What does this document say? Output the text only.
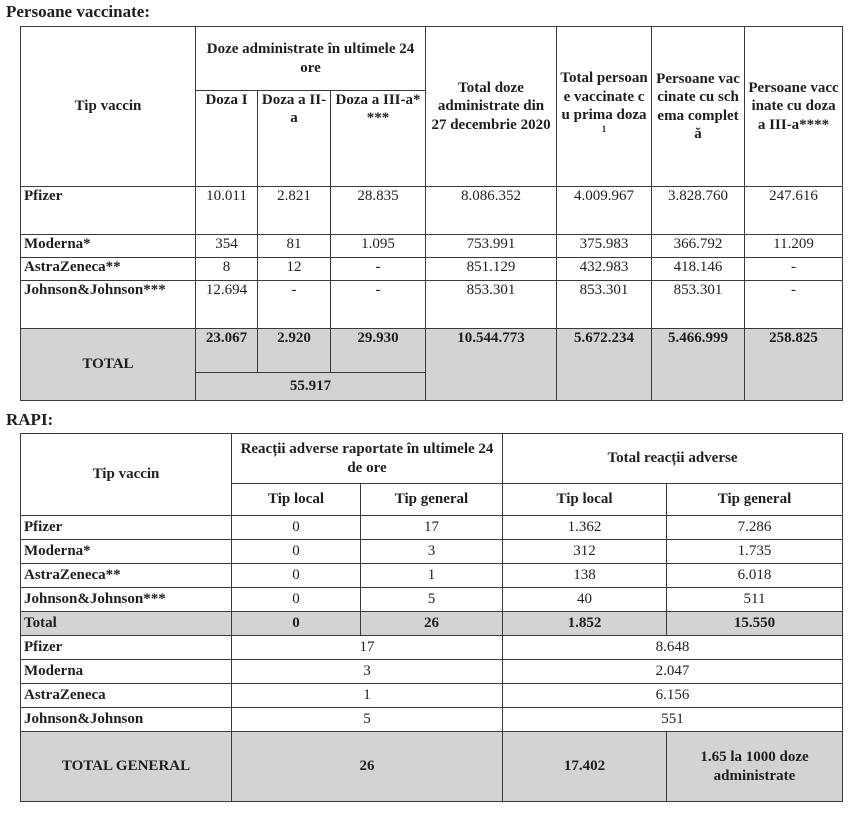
Persoane vaccinate:
Tip vaccin	Doze administrate în ultimele 24 ore			Total doze administrate din 27 decembrie 2020	Total persoane vaccinate cu prima doza$^1$	Persoane vaccinate cu schema completă	Persoane vaccinate cu doza a III-a****
	Doza I	Doza a II-a	Doza a III-a****				
Pfizer	10.011	2.821	28.835	8.086.352	4.009.967	3.828.760	247.616
Moderna*	354	81	1.095	753.991	375.983	366.792	11.209
AstraZeneca**	8	12	-	851.129	432.983	418.146	-
Johnson&Johnson***	12.694	-	-	853.301	853.301	853.301	-
TOTAL	23.067	2.920	29.930	10.544.773	5.672.234	5.466.999	258.825
	55.917						
RAPI:
Tip vaccin	Reacții adverse raportate în ultimele 24 de ore		Total reacții adverse	
	Tip local	Tip general	Tip local	Tip general
Pfizer	0	17	1.362	7.286
Moderna*	0	3	312	1.735
AstraZeneca**	0	1	138	6.018
Johnson&Johnson***	0	5	40	511
Total	0	26	1.852	15.550
Pfizer	17		8.648	
Moderna	3		2.047	
AstraZeneca	1		6.156	
Johnson&Johnson	5		551	
TOTAL GENERAL	26		17.402	1.65 la 1000 doze administrate
